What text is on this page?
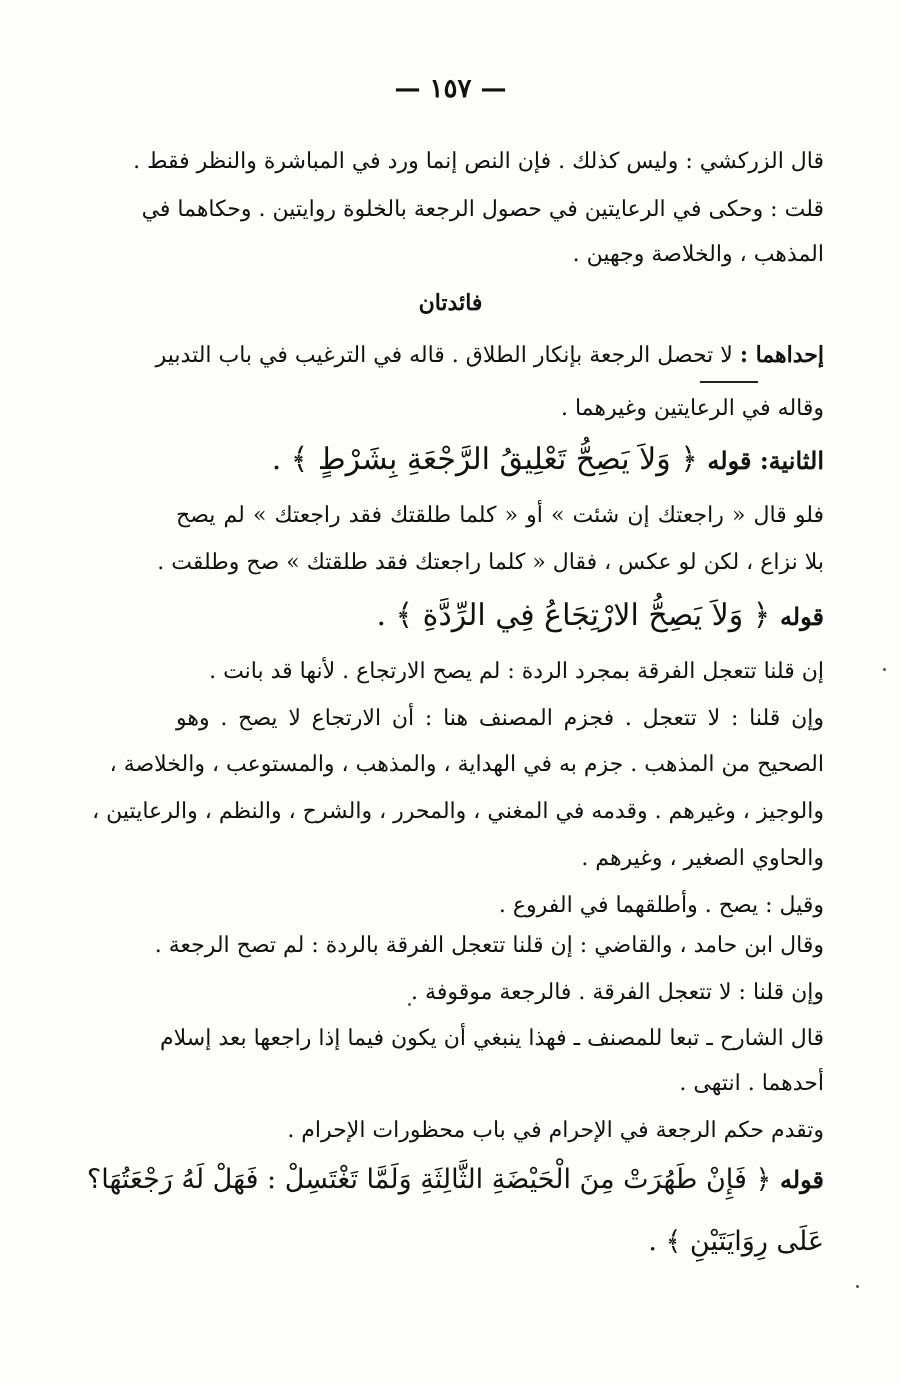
— ١٥٧ —
قال الزركشي : وليس كذلك . فإن النص إنما ورد في المباشرة والنظر فقط .
قلت : وحكى في الرعايتين في حصول الرجعة بالخلوة روايتين . وحكاهما في
المذهب ، والخلاصة وجهين .
وقاله في الرعايتين وغيرهما .
فلو قال « راجعتك إن شئت » أو « كلما طلقتك فقد راجعتك » لم يصح
بلا نزاع ، لكن لو عكس ، فقال « كلما راجعتك فقد طلقتك » صح وطلقت .
إن قلنا تتعجل الفرقة بمجرد الردة : لم يصح الارتجاع . لأنها قد بانت .
وإن قلنا : لا تتعجل . فجزم المصنف هنا : أن الارتجاع لا يصح . وهو
الصحيح من المذهب . جزم به في الهداية ، والمذهب ، والمستوعب ، والخلاصة ،
والوجيز ، وغيرهم . وقدمه في المغني ، والمحرر ، والشرح ، والنظم ، والرعايتين ،
والحاوي الصغير ، وغيرهم .
وقيل : يصح . وأطلقهما في الفروع .
وقال ابن حامد ، والقاضي : إن قلنا تتعجل الفرقة بالردة : لم تصح الرجعة .
وإن قلنا : لا تتعجل الفرقة . فالرجعة موقوفة .
قال الشارح ـ تبعا للمصنف ـ فهذا ينبغي أن يكون فيما إذا راجعها بعد إسلام
أحدهما . انتهى .
وتقدم حكم الرجعة في الإحرام في باب محظورات الإحرام .
فائدتان
إحداهما : لا تحصل الرجعة بإنكار الطلاق . قاله في الترغيب في باب التدبير
الثانية: قوله ﴿ وَلاَ يَصِحُّ تَعْلِيقُ الرَّجْعَةِ بِشَرْطٍ ﴾ .
قوله ﴿ وَلاَ يَصِحُّ الارْتِجَاعُ فِي الرِّدَّةِ ﴾ .
قوله ﴿ فَإِنْ طَهُرَتْ مِنَ الْحَيْضَةِ الثَّالِثَةِ وَلَمَّا تَغْتَسِلْ : فَهَلْ لَهُ رَجْعَتُهَا؟
عَلَى رِوَايَتَيْنِ ﴾ .
